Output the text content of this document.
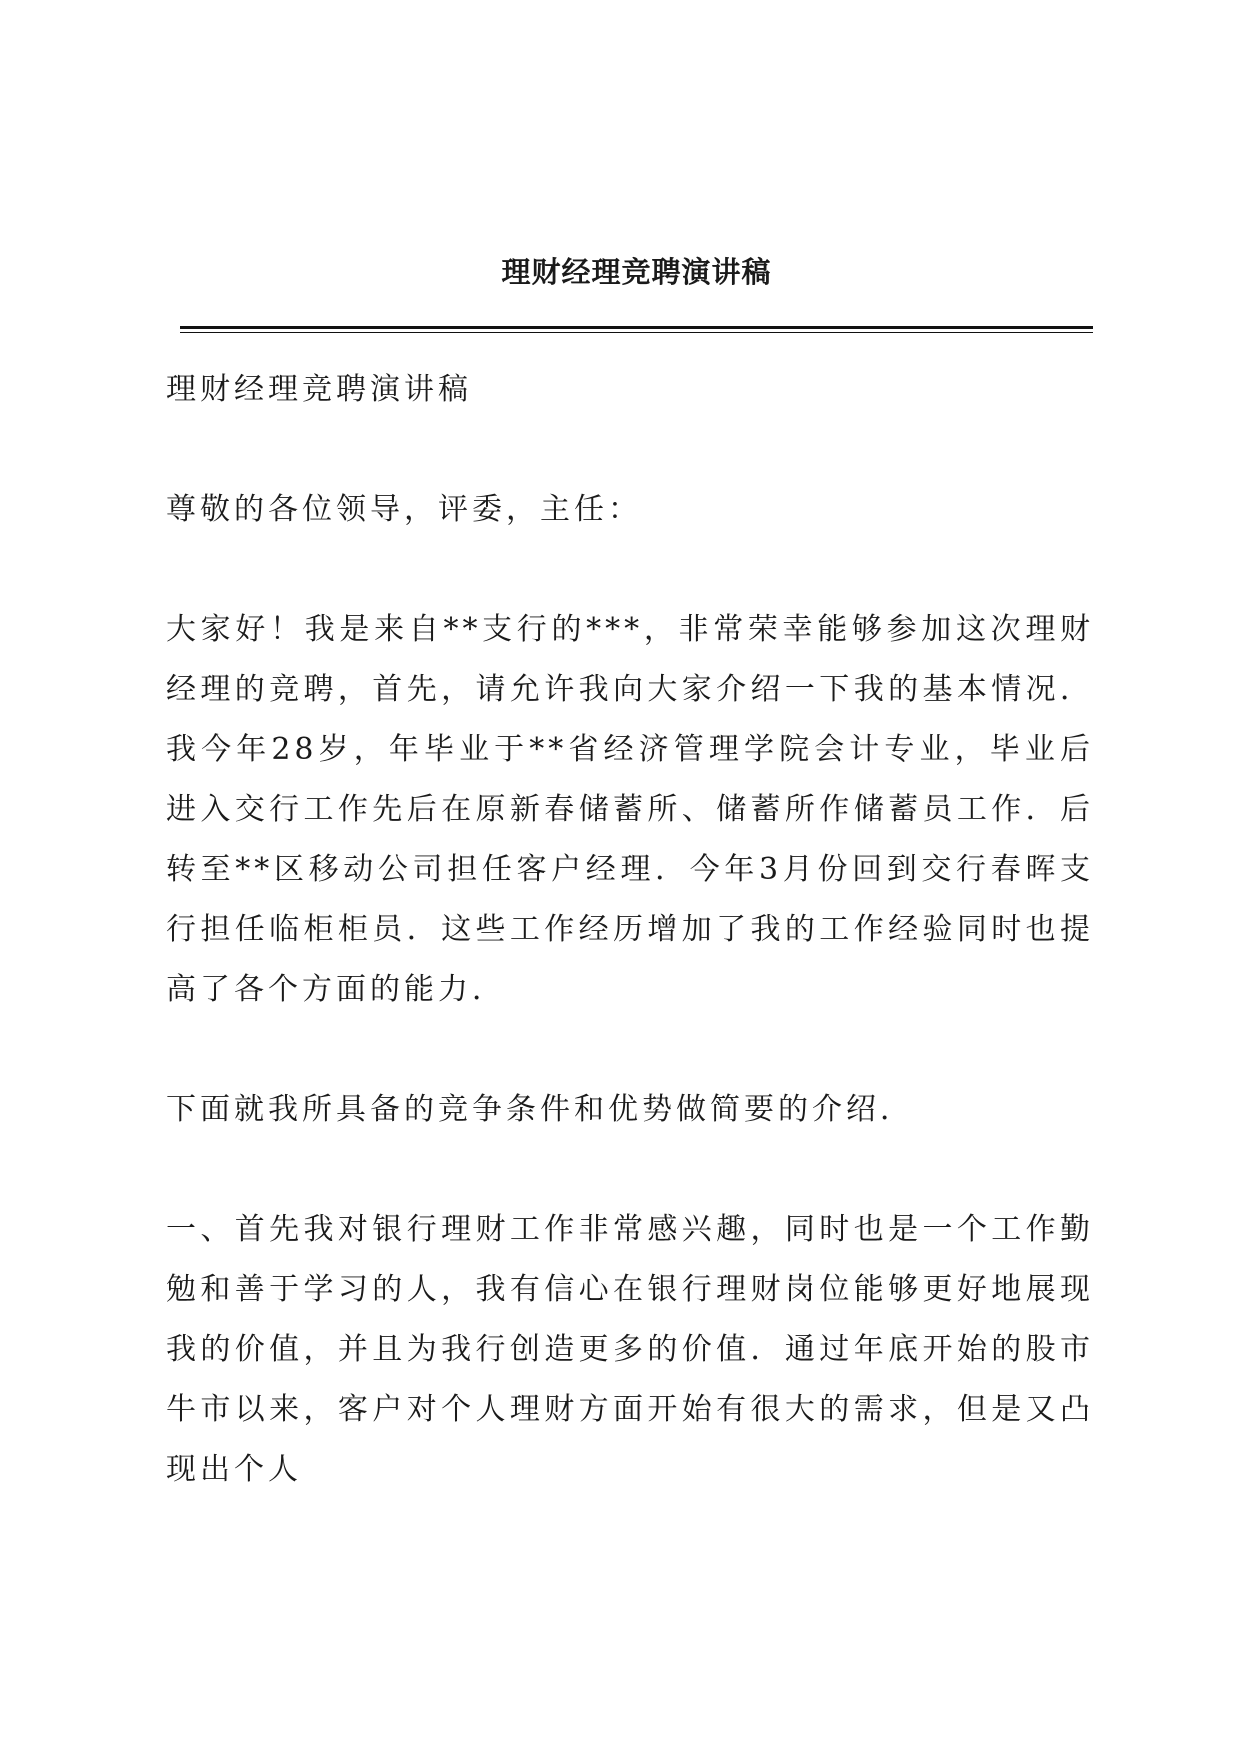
理财经理竞聘演讲稿

理财经理竞聘演讲稿

尊敬的各位领导，评委，主任：

大家好！我是来自**支行的***，非常荣幸能够参加这次理财经理的竞聘，首先，请允许我向大家介绍一下我的基本情况．我今年28岁，年毕业于**省经济管理学院会计专业，毕业后进入交行工作先后在原新春储蓄所、储蓄所作储蓄员工作．后转至**区移动公司担任客户经理．今年3月份回到交行春晖支行担任临柜柜员．这些工作经历增加了我的工作经验同时也提高了各个方面的能力．

下面就我所具备的竞争条件和优势做简要的介绍．

一、首先我对银行理财工作非常感兴趣，同时也是一个工作勤勉和善于学习的人，我有信心在银行理财岗位能够更好地展现我的价值，并且为我行创造更多的价值．通过年底开始的股市牛市以来，客户对个人理财方面开始有很大的需求，但是又凸现出个人
